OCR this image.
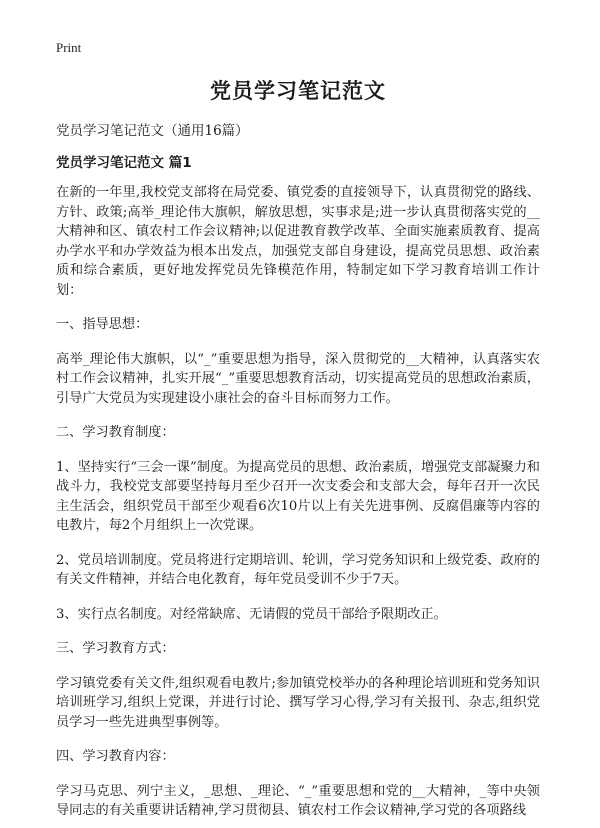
Print
党员学习笔记范文
党员学习笔记范文（通用16篇）
党员学习笔记范文 篇1
在新的一年里,我校党支部将在局党委、镇党委的直接领导下，认真贯彻党的路线、方针、政策;高举_理论伟大旗帜，解放思想，实事求是;进一步认真贯彻落实党的__大精神和区、镇农村工作会议精神;以促进教育教学改革、全面实施素质教育、提高办学水平和办学效益为根本出发点，加强党支部自身建设，提高党员思想、政治素质和综合素质，更好地发挥党员先锋模范作用，特制定如下学习教育培训工作计划：
一、指导思想：
高举_理论伟大旗帜，以“_”重要思想为指导，深入贯彻党的__大精神，认真落实农村工作会议精神，扎实开展“_”重要思想教育活动，切实提高党员的思想政治素质，引导广大党员为实现建设小康社会的奋斗目标而努力工作。
二、学习教育制度：
1、坚持实行“三会一课”制度。为提高党员的思想、政治素质，增强党支部凝聚力和战斗力，我校党支部要坚持每月至少召开一次支委会和支部大会，每年召开一次民主生活会，组织党员干部至少观看6次10片以上有关先进事例、反腐倡廉等内容的电教片，每2个月组织上一次党课。
2、党员培训制度。党员将进行定期培训、轮训，学习党务知识和上级党委、政府的有关文件精神，并结合电化教育，每年党员受训不少于7天。
3、实行点名制度。对经常缺席、无请假的党员干部给予限期改正。
三、学习教育方式：
学习镇党委有关文件,组织观看电教片;参加镇党校举办的各种理论培训班和党务知识培训班学习,组织上党课，并进行讨论、撰写学习心得,学习有关报刊、杂志,组织党员学习一些先进典型事例等。
四、学习教育内容：
学习马克思、列宁主义，_思想、_理论、“_”重要思想和党的__大精神，_等中央领导同志的有关重要讲话精神,学习贯彻县、镇农村工作会议精神,学习党的各项路线
